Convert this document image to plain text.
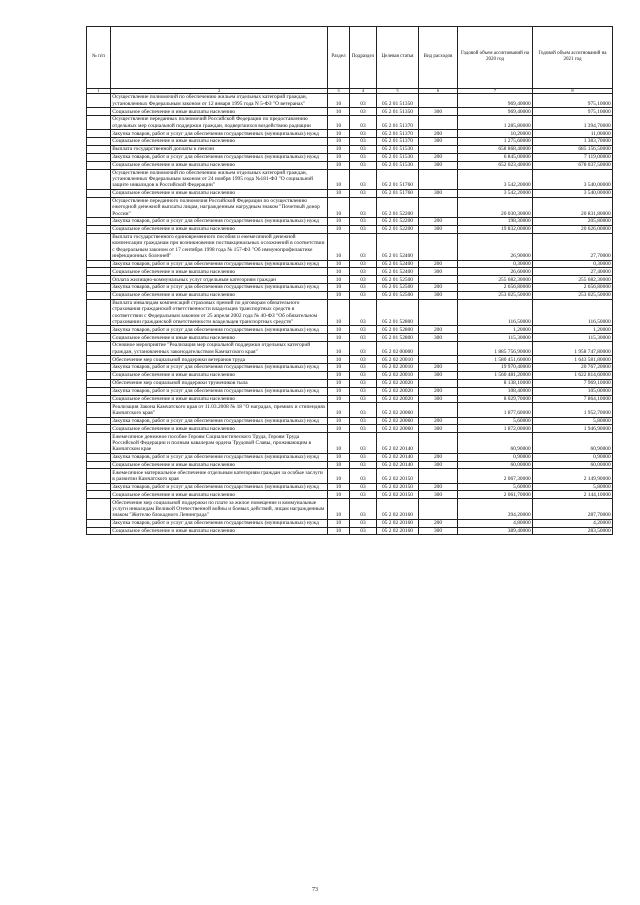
№ п/п		Раздел	Подраздел	Целевая статья	Вид расходов	Годовой объем ассигнований на 2020 год	Годовой объем ассигнований на 2021 год
1	2	3	4	5	6	7	8
	Осуществление полномочий по обеспечению жильем отдельных категорий граждан, установленных Федеральным законом от 12 января 1995 года N 5-ФЗ "О ветеранах"	10	03	05 2 01 51350		969,40000	975,10000
	Социальное обеспечение и иные выплаты населению	10	03	05 2 01 51350	300	969,40000	975,10000
	Осуществление переданных полномочий Российской Федерации по предоставлению отдельных мер социальной поддержки граждан, подвергшихся воздействию радиации	10	03	05 2 01 51370		1 285,80000	1 394,70000
	Закупка товаров, работ и услуг для обеспечения государственных (муниципальных) нужд	10	03	05 2 01 51370	200	10,20000	11,00000
	Социальное обеспечение и иные выплаты населению	10	03	05 2 01 51370	300	1 275,60000	1 383,70000
	Выплата государственной доплаты к пенсии	10	03	05 2 01 51530		658 868,40000	685 156,50000
	Закупка товаров, работ и услуг для обеспечения государственных (муниципальных) нужд	10	03	05 2 01 51530	200	6 845,00000	7 119,00000
	Социальное обеспечение и иные выплаты населению	10	03	05 2 01 51530	300	652 023,40000	678 037,50000
	Осуществление полномочий по обеспечению жильем отдельных категорий граждан, установленных Федеральным законом от 24 ноября 1995 года №181-ФЗ "О социальной защите инвалидов в Российской Федерации"	10	03	05 2 01 51760		3 542,20000	3 540,00000
	Социальное обеспечение и иные выплаты населению	10	03	05 2 01 51760	300	3 542,20000	3 540,00000
	Осуществление переданного полномочия Российской Федерации по осуществлению ежегодной денежной выплаты лицам, награжденным нагрудным знаком "Почетный донор России"	10	03	05 2 01 52200		20 030,30000	20 831,80000
	Закупка товаров, работ и услуг для обеспечения государственных (муниципальных) нужд	10	03	05 2 01 52200	200	198,30000	205,80000
	Социальное обеспечение и иные выплаты населению	10	03	05 2 01 52200	300	19 832,00000	20 626,00000
	Выплата государственного единовременного пособия и ежемесячной денежной компенсации гражданам при возникновении поствакцинальных осложнений в соответствии с Федеральным законом от 17 сентября 1998 года № 157-ФЗ "Об иммунопрофилактике инфекционных болезней"	10	03	05 2 01 52400		26,90000	27,70000
	Закупка товаров, работ и услуг для обеспечения государственных (муниципальных) нужд	10	03	05 2 01 52400	200	0,30000	0,30000
	Социальное обеспечение и иные выплаты населению	10	03	05 2 01 52400	300	26,60000	27,40000
	Оплата жилищно-коммунальных услуг отдельным категориям граждан	10	03	05 2 01 52500		255 682,30000	255 682,30000
	Закупка товаров, работ и услуг для обеспечения государственных (муниципальных) нужд	10	03	05 2 01 52500	200	2 656,80000	2 656,80000
	Социальное обеспечение и иные выплаты населению	10	03	05 2 01 52500	300	253 025,50000	253 025,50000
	Выплата инвалидам компенсаций страховых премий по договорам обязательного страхования гражданской ответственности владельцев транспортных средств в соответствии с Федеральным законом от 25 апреля 2002 года № 40-ФЗ "Об обязательном страховании гражданской ответственности владельцев транспортных средств"	10	03	05 2 01 52800		116,50000	116,50000
	Закупка товаров, работ и услуг для обеспечения государственных (муниципальных) нужд	10	03	05 2 01 52800	200	1,20000	1,20000
	Социальное обеспечение и иные выплаты населению	10	03	05 2 01 52800	300	115,30000	115,30000
	Основное мероприятие "Реализация мер социальной поддержки отдельных категорий граждан, установленных законодательством Камчатского края"	10	03	05 2 02 00000		1 885 756,90000	1 958 747,80000
	Обеспечение мер социальной поддержки ветеранов труда	10	03	05 2 02 20010		1 580 451,60000	1 643 581,80000
	Закупка товаров, работ и услуг для обеспечения государственных (муниципальных) нужд	10	03	05 2 02 20010	200	19 970,40000	20 767,20000
	Социальное обеспечение и иные выплаты населению	10	03	05 2 02 20010	300	1 560 481,20000	1 622 814,60000
	Обеспечение мер социальной поддержки тружеников тыла	10	03	05 2 02 20020		8 138,10000	7 969,10000
	Закупка товаров, работ и услуг для обеспечения государственных (муниципальных) нужд	10	03	05 2 02 20020	200	108,40000	105,00000
	Социальное обеспечение и иные выплаты населению	10	03	05 2 02 20020	300	8 029,70000	7 864,10000
	Реализация Закона Камчатского края от 11.03.2008 № 18 "О наградах, премиях и стипендиях Камчатского края"	10	03	05 2 02 20060		1 877,60000	1 952,70000
	Закупка товаров, работ и услуг для обеспечения государственных (муниципальных) нужд	10	03	05 2 02 20060	200	5,60000	5,80000
	Социальное обеспечение и иные выплаты населению	10	03	05 2 02 20060	300	1 872,00000	1 946,90000
	Ежемесячное денежное пособие Героям Социалистического Труда, Героям Труда Российской Федерации и полным кавалерам ордена Трудовой Славы, проживающим в Камчатском крае	10	03	05 2 02 20140		60,90000	60,90000
	Закупка товаров, работ и услуг для обеспечения государственных (муниципальных) нужд	10	03	05 2 02 20140	200	0,90000	0,90000
	Социальное обеспечение и иные выплаты населению	10	03	05 2 02 20140	300	60,00000	60,00000
	Ежемесячное материальное обеспечение отдельным категориям граждан за особые заслуги в развитии Камчатского края	10	03	05 2 02 20150		2 067,30000	2 149,90000
	Закупка товаров, работ и услуг для обеспечения государственных (муниципальных) нужд	10	03	05 2 02 20150	200	5,60000	5,80000
	Социальное обеспечение и иные выплаты населению	10	03	05 2 02 20150	300	2 061,70000	2 144,10000
	Обеспечение мер социальной поддержки по плате за жилое помещение и коммунальные услуги инвалидам Великой Отечественной войны и боевых действий, лицам награжденным знаком "Жителю блокадного Ленинграда"	10	03	05 2 02 20160		394,20000	287,70000
	Закупка товаров, работ и услуг для обеспечения государственных (муниципальных) нужд	10	03	05 2 02 20160	200	4,80000	4,20000
	Социальное обеспечение и иные выплаты населению	10	03	05 2 02 20160	300	389,40000	283,50000
73
